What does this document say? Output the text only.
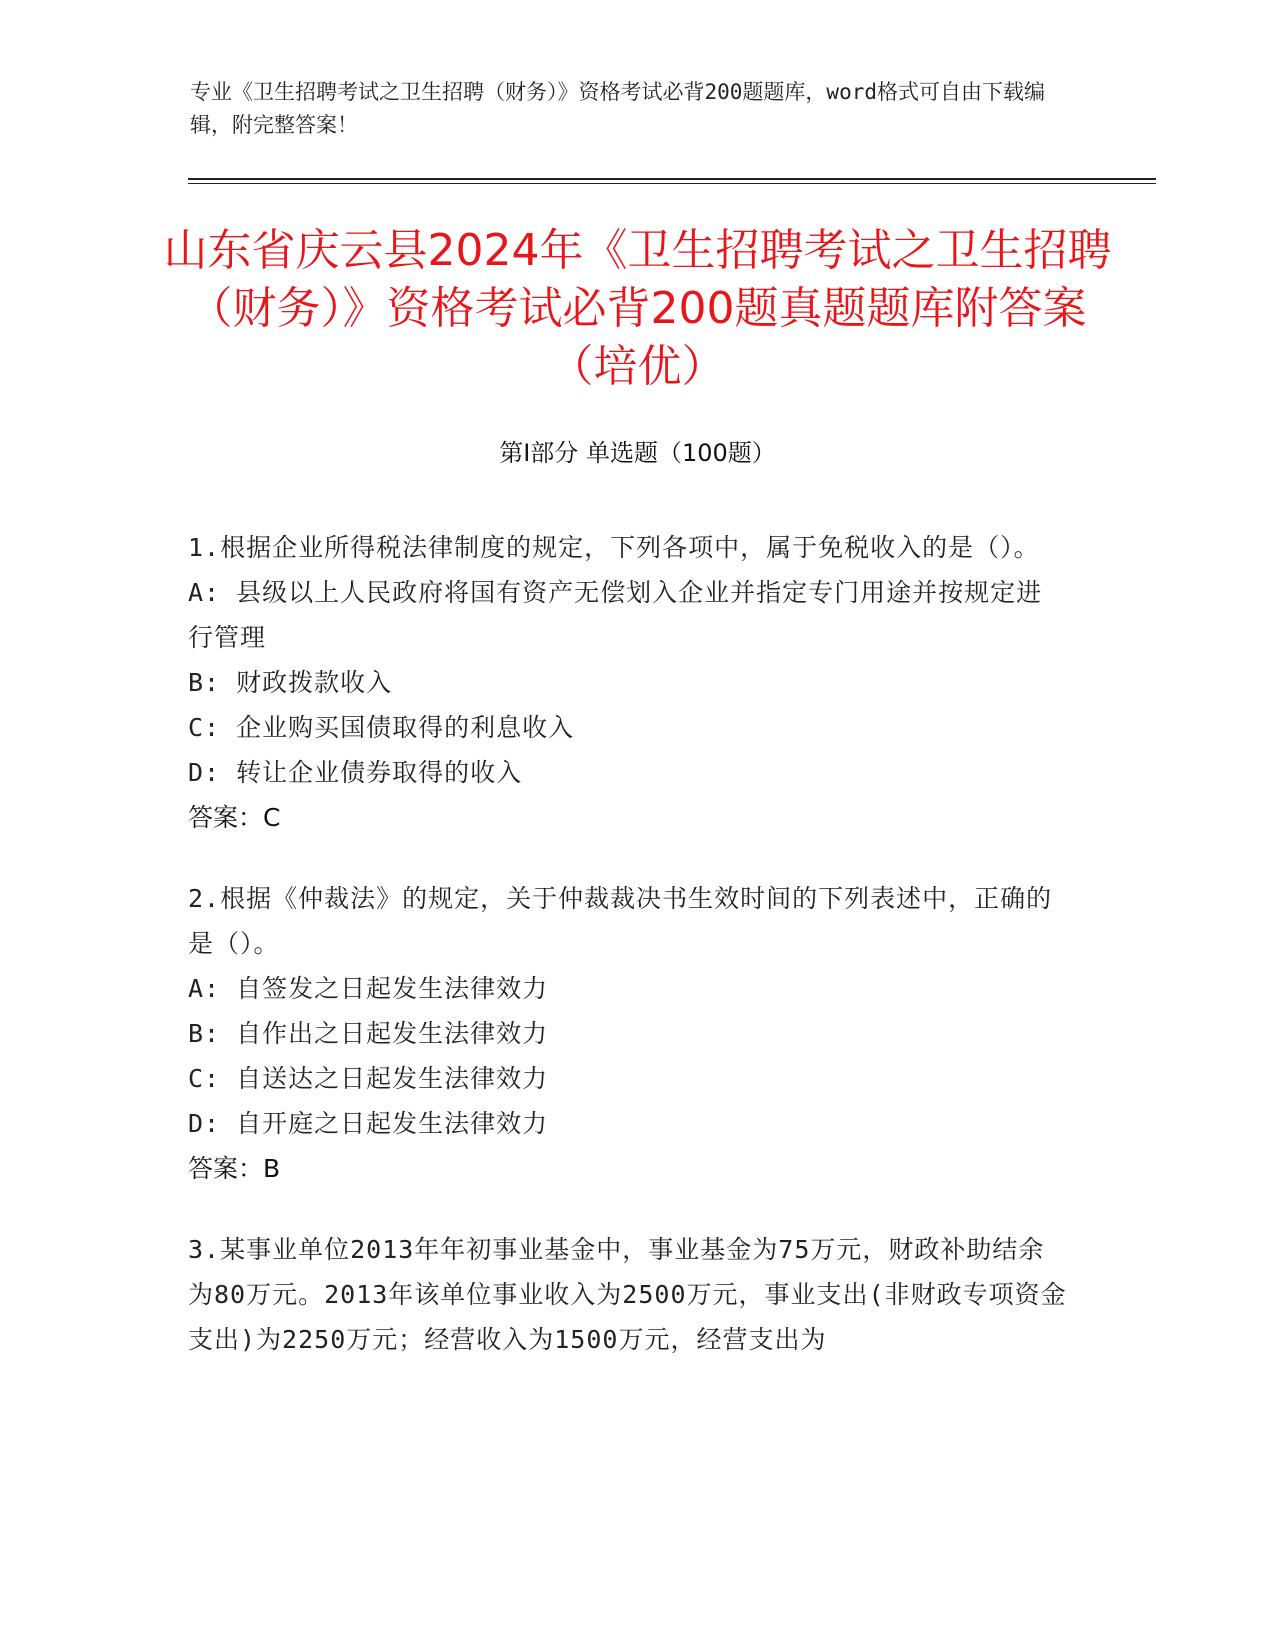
专业《卫生招聘考试之卫生招聘（财务）》资格考试必背200题题库，word格式可自由下载编辑，附完整答案！
山东省庆云县2024年《卫生招聘考试之卫生招聘（财务）》资格考试必背200题真题题库附答案（培优）
第Ⅰ部分 单选题（100题）
1.根据企业所得税法律制度的规定，下列各项中，属于免税收入的是（）。
A: 县级以上人民政府将国有资产无偿划入企业并指定专门用途并按规定进行管理
B: 财政拨款收入
C: 企业购买国债取得的利息收入
D: 转让企业债券取得的收入
答案：C
2.根据《仲裁法》的规定，关于仲裁裁决书生效时间的下列表述中，正确的是（）。
A: 自签发之日起发生法律效力
B: 自作出之日起发生法律效力
C: 自送达之日起发生法律效力
D: 自开庭之日起发生法律效力
答案：B
3.某事业单位2013年年初事业基金中，事业基金为75万元，财政补助结余为80万元。2013年该单位事业收入为2500万元，事业支出(非财政专项资金支出)为2250万元；经营收入为1500万元，经营支出为
